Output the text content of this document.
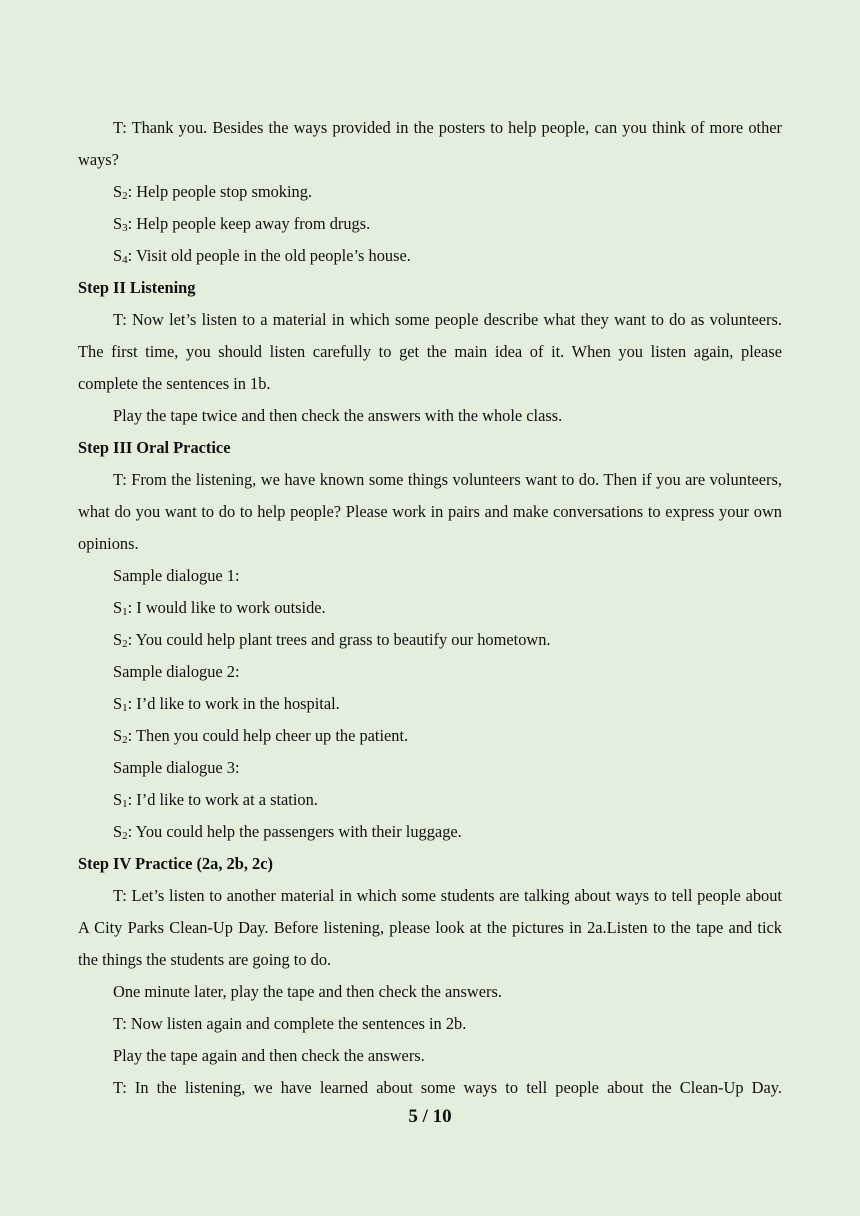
T: Thank you. Besides the ways provided in the posters to help people, can you think of more other ways?
$S_2$: Help people stop smoking.
$S_3$: Help people keep away from drugs.
$S_4$: Visit old people in the old people’s house.
Step II Listening
T: Now let’s listen to a material in which some people describe what they want to do as volunteers. The first time, you should listen carefully to get the main idea of it. When you listen again, please complete the sentences in 1b.
Play the tape twice and then check the answers with the whole class.
Step III Oral Practice
T: From the listening, we have known some things volunteers want to do. Then if you are volunteers, what do you want to do to help people? Please work in pairs and make conversations to express your own opinions.
Sample dialogue 1:
$S_1$: I would like to work outside.
$S_2$: You could help plant trees and grass to beautify our hometown.
Sample dialogue 2:
$S_1$: I’d like to work in the hospital.
$S_2$: Then you could help cheer up the patient.
Sample dialogue 3:
$S_1$: I’d like to work at a station.
$S_2$: You could help the passengers with their luggage.
Step IV Practice (2a, 2b, 2c)
T: Let’s listen to another material in which some students are talking about ways to tell people about A City Parks Clean-Up Day. Before listening, please look at the pictures in 2a.Listen to the tape and tick the things the students are going to do.
One minute later, play the tape and then check the answers.
T: Now listen again and complete the sentences in 2b.
Play the tape again and then check the answers.
T: In the listening, we have learned about some ways to tell people about the Clean-Up Day.
5 / 10
